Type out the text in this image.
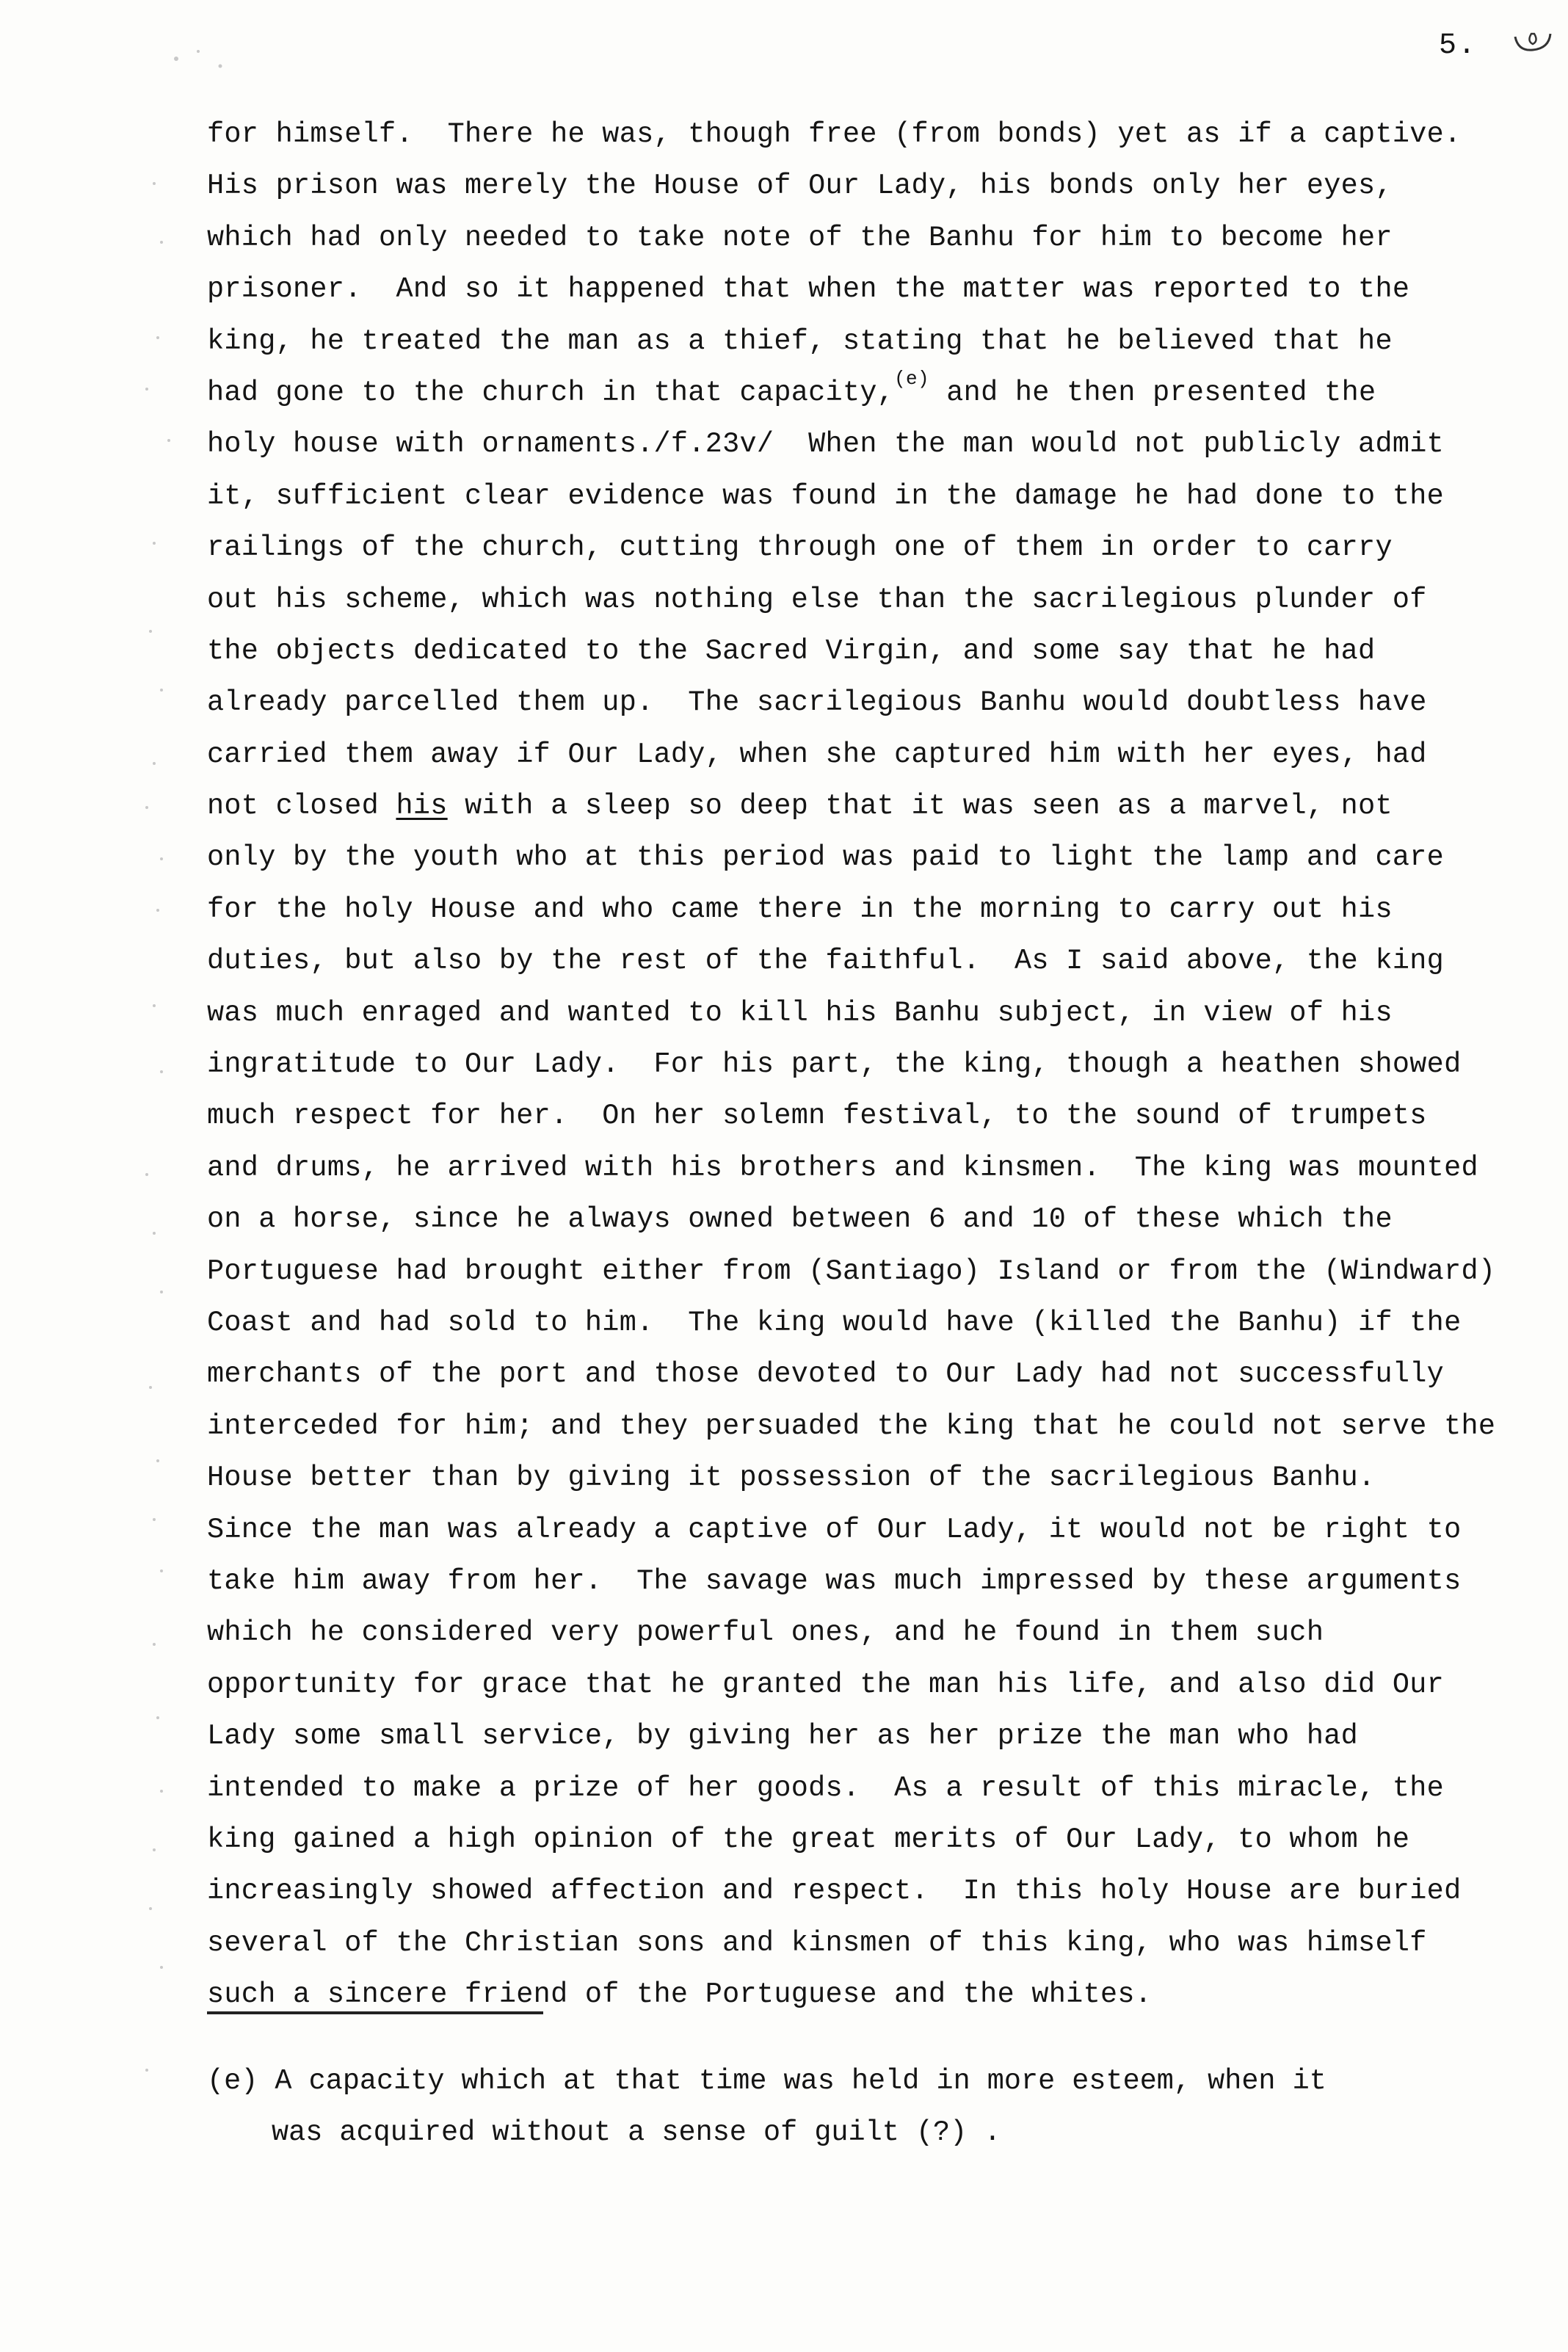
5.
for himself.  There he was, though free (from bonds) yet as if a captive.
His prison was merely the House of Our Lady, his bonds only her eyes,
which had only needed to take note of the Banhu for him to become her
prisoner.  And so it happened that when the matter was reported to the
king, he treated the man as a thief, stating that he believed that he
had gone to the church in that capacity,$^{(e)}$ and he then presented the
holy house with ornaments./f.23v/  When the man would not publicly admit
it, sufficient clear evidence was found in the damage he had done to the
railings of the church, cutting through one of them in order to carry
out his scheme, which was nothing else than the sacrilegious plunder of
the objects dedicated to the Sacred Virgin, and some say that he had
already parcelled them up.  The sacrilegious Banhu would doubtless have
carried them away if Our Lady, when she captured him with her eyes, had
not closed his with a sleep so deep that it was seen as a marvel, not
only by the youth who at this period was paid to light the lamp and care
for the holy House and who came there in the morning to carry out his
duties, but also by the rest of the faithful.  As I said above, the king
was much enraged and wanted to kill his Banhu subject, in view of his
ingratitude to Our Lady.  For his part, the king, though a heathen showed
much respect for her.  On her solemn festival, to the sound of trumpets
and drums, he arrived with his brothers and kinsmen.  The king was mounted
on a horse, since he always owned between 6 and 10 of these which the
Portuguese had brought either from (Santiago) Island or from the (Windward)
Coast and had sold to him.  The king would have (killed the Banhu) if the
merchants of the port and those devoted to Our Lady had not successfully
interceded for him; and they persuaded the king that he could not serve the
House better than by giving it possession of the sacrilegious Banhu.
Since the man was already a captive of Our Lady, it would not be right to
take him away from her.  The savage was much impressed by these arguments
which he considered very powerful ones, and he found in them such
opportunity for grace that he granted the man his life, and also did Our
Lady some small service, by giving her as her prize the man who had
intended to make a prize of her goods.  As a result of this miracle, the
king gained a high opinion of the great merits of Our Lady, to whom he
increasingly showed affection and respect.  In this holy House are buried
several of the Christian sons and kinsmen of this king, who was himself
such a sincere friend of the Portuguese and the whites.
(e) A capacity which at that time was held in more esteem, when it
was acquired without a sense of guilt (?) .
